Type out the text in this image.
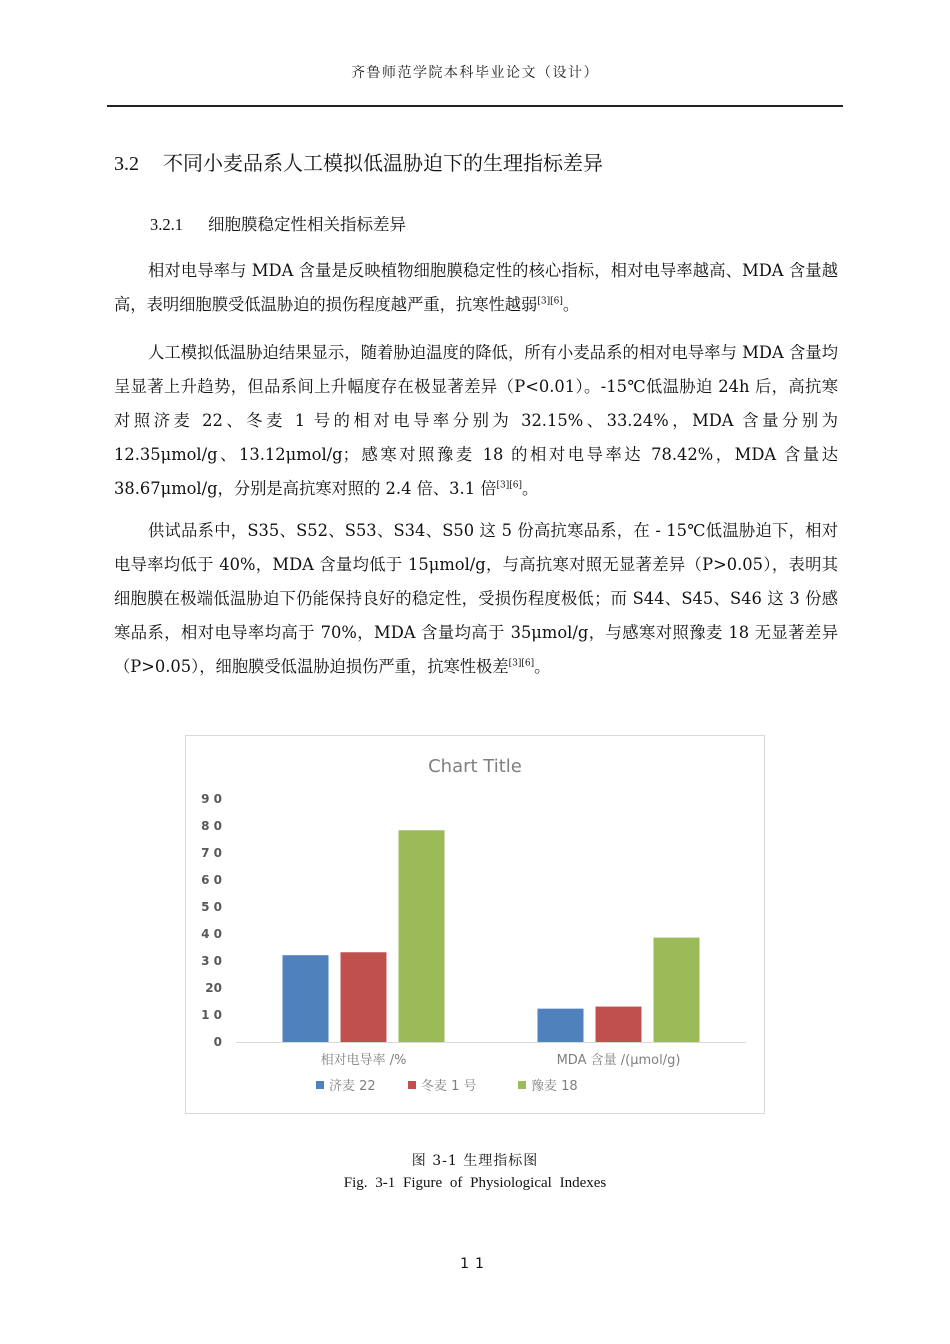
齐鲁师范学院本科毕业论文（设计）
3.2 不同小麦品系人工模拟低温胁迫下的生理指标差异
3.2.1 细胞膜稳定性相关指标差异

相对电导率与 MDA 含量是反映植物细胞膜稳定性的核心指标，相对电导率越高、MDA 含量越高，表明细胞膜受低温胁迫的损伤程度越严重，抗寒性越弱[3][6]。

人工模拟低温胁迫结果显示，随着胁迫温度的降低，所有小麦品系的相对电导率与 MDA 含量均呈显著上升趋势，但品系间上升幅度存在极显著差异（P<0.01）。-15℃低温胁迫 24h 后，高抗寒对照济麦 22、冬麦 1 号的相对电导率分别为 32.15%、33.24%，MDA 含量分别为 12.35μmol/g、13.12μmol/g；感寒对照豫麦 18 的相对电导率达 78.42%，MDA 含量达 38.67μmol/g，分别是高抗寒对照的 2.4 倍、3.1 倍[3][6]。

供试品系中，S35、S52、S53、S34、S50 这 5 份高抗寒品系，在 - 15℃低温胁迫下，相对电导率均低于 40%，MDA 含量均低于 15μmol/g，与高抗寒对照无显著差异（P>0.05），表明其细胞膜在极端低温胁迫下仍能保持良好的稳定性，受损伤程度极低；而 S44、S45、S46 这 3 份感寒品系，相对电导率均高于 70%，MDA 含量均高于 35μmol/g，与感寒对照豫麦 18 无显著差异（P>0.05），细胞膜受低温胁迫损伤严重，抗寒性极差[3][6]。

Chart Title
0
1 0
20
3 0
4 0
5 0
6 0
7 0
8 0
9 0
相对电导率 /%	MDA 含量 /(μmol/g)
济麦 22	冬麦 1 号	豫麦 18
图 3-1 生理指标图
Fig. 3-1 Figure of Physiological Indexes
11
